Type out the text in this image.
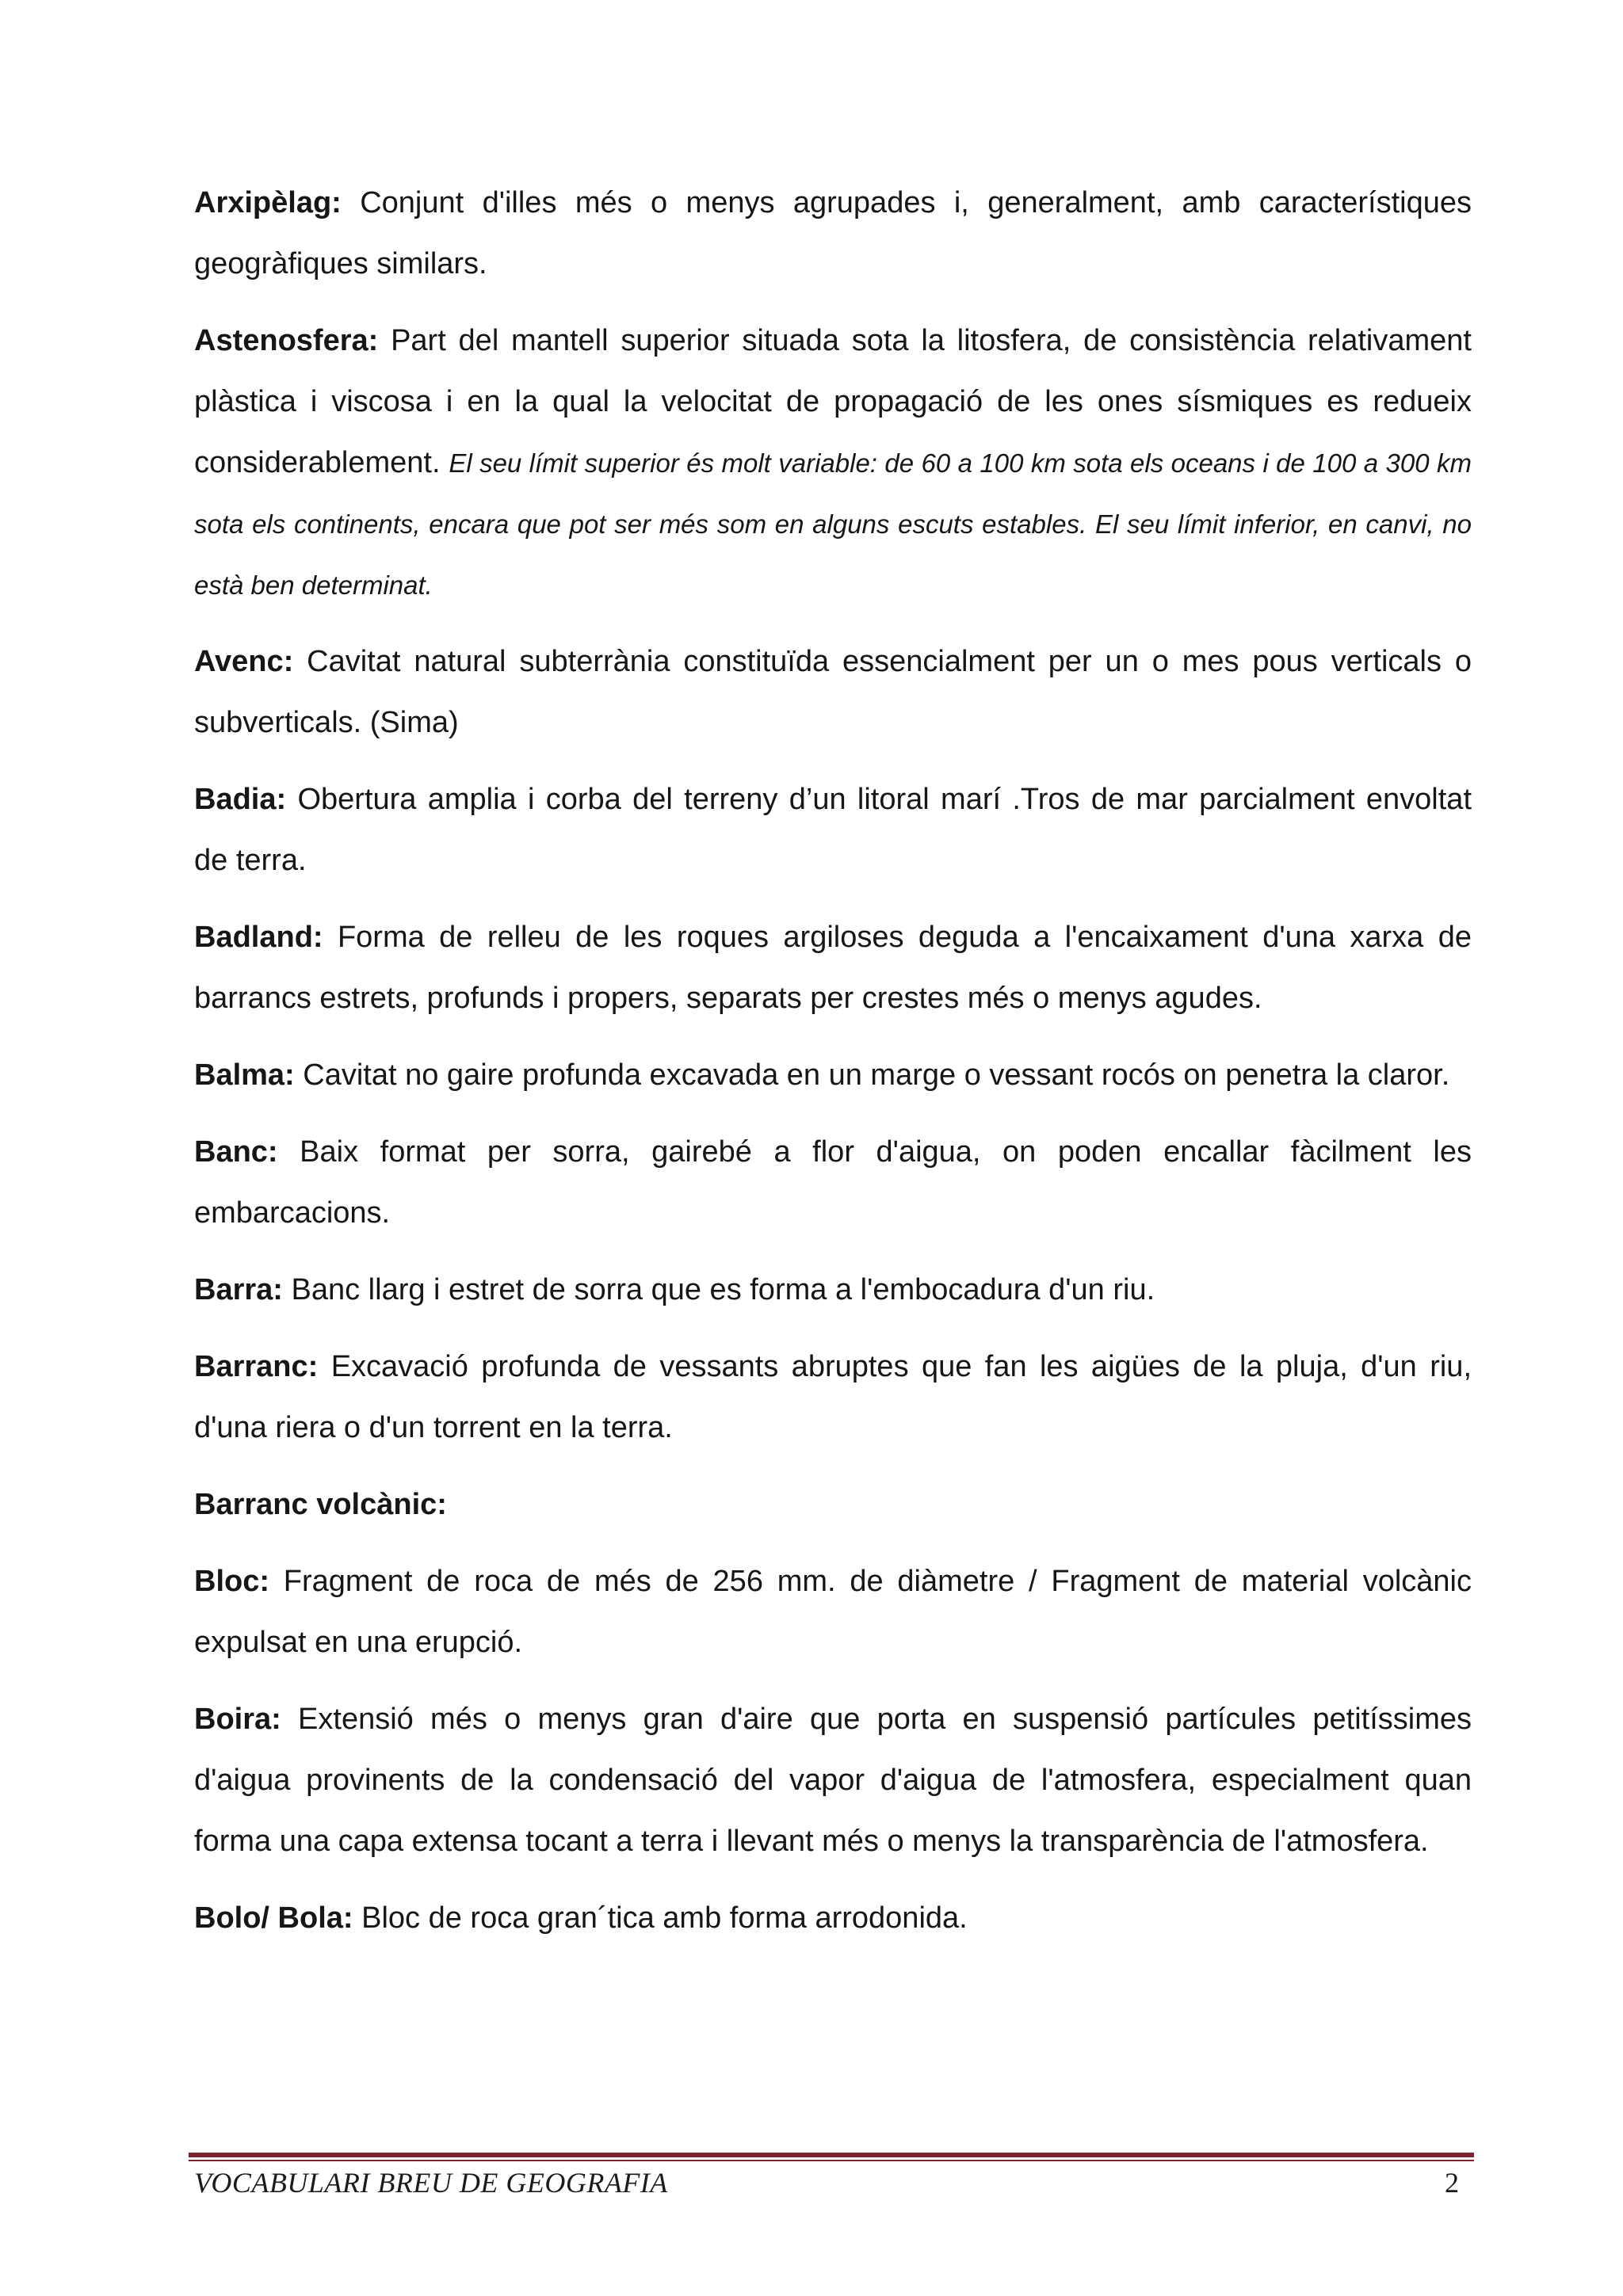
Arxipèlag: Conjunt d'illes més o menys agrupades i, generalment, amb característiques geogràfiques similars.

Astenosfera: Part del mantell superior situada sota la litosfera, de consistència relativament plàstica i viscosa i en la qual la velocitat de propagació de les ones sísmiques es redueix considerablement. El seu límit superior és molt variable: de 60 a 100 km sota els oceans i de 100 a 300 km sota els continents, encara que pot ser més som en alguns escuts estables. El seu límit inferior, en canvi, no està ben determinat.

Avenc: Cavitat natural subterrània constituïda essencialment per un o mes pous verticals o subverticals. (Sima)

Badia: Obertura amplia i corba del terreny d’un litoral marí .Tros de mar parcialment envoltat de terra.

Badland: Forma de relleu de les roques argiloses deguda a l'encaixament d'una xarxa de barrancs estrets, profunds i propers, separats per crestes més o menys agudes.

Balma: Cavitat no gaire profunda excavada en un marge o vessant rocós on penetra la claror.

Banc: Baix format per sorra, gairebé a flor d'aigua, on poden encallar fàcilment les embarcacions.

Barra: Banc llarg i estret de sorra que es forma a l'embocadura d'un riu.

Barranc: Excavació profunda de vessants abruptes que fan les aigües de la pluja, d'un riu, d'una riera o d'un torrent en la terra.

Barranc volcànic:

Bloc: Fragment de roca de més de 256 mm. de diàmetre / Fragment de material volcànic expulsat en una erupció.

Boira: Extensió més o menys gran d'aire que porta en suspensió partícules petitíssimes d'aigua provinents de la condensació del vapor d'aigua de l'atmosfera, especialment quan forma una capa extensa tocant a terra i llevant més o menys la transparència de l'atmosfera.

Bolo/ Bola: Bloc de roca gran´tica amb forma arrodonida.

VOCABULARI BREU DE GEOGRAFIA	2
